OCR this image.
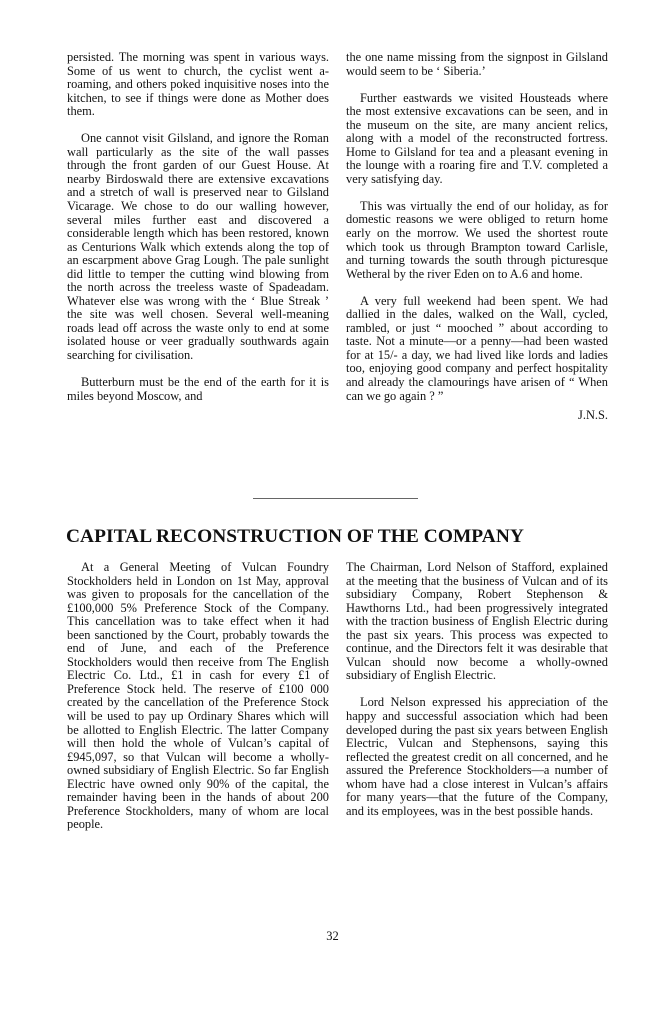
persisted. The morning was spent in various ways. Some of us went to church, the cyclist went a-roaming, and others poked inquisitive noses into the kitchen, to see if things were done as Mother does them.

One cannot visit Gilsland, and ignore the Roman wall particularly as the site of the wall passes through the front garden of our Guest House. At nearby Birdoswald there are extensive excavations and a stretch of wall is preserved near to Gilsland Vicarage. We chose to do our walling however, several miles further east and discovered a considerable length which has been restored, known as Centurions Walk which extends along the top of an escarpment above Grag Lough. The pale sunlight did little to temper the cutting wind blowing from the north across the treeless waste of Spadeadam. Whatever else was wrong with the ‘ Blue Streak ’ the site was well chosen. Several well-meaning roads lead off across the waste only to end at some isolated house or veer gradually southwards again searching for civilisation.

Butterburn must be the end of the earth for it is miles beyond Moscow, and

the one name missing from the signpost in Gilsland would seem to be ‘ Siberia.’

Further eastwards we visited Housteads where the most extensive excavations can be seen, and in the museum on the site, are many ancient relics, along with a model of the reconstructed fortress. Home to Gilsland for tea and a pleasant evening in the lounge with a roaring fire and T.V. completed a very satisfying day.

This was virtually the end of our holiday, as for domestic reasons we were obliged to return home early on the morrow. We used the shortest route which took us through Brampton toward Carlisle, and turning towards the south through picturesque Wetheral by the river Eden on to A.6 and home.

A very full weekend had been spent. We had dallied in the dales, walked on the Wall, cycled, rambled, or just “ mooched ” about according to taste. Not a minute—or a penny—had been wasted for at 15/- a day, we had lived like lords and ladies too, enjoying good company and perfect hospitality and already the clamourings have arisen of “ When can we go again ? ”

J.N.S.
CAPITAL RECONSTRUCTION OF THE COMPANY

At a General Meeting of Vulcan Foundry Stockholders held in London on 1st May, approval was given to proposals for the cancellation of the £100,000 5% Preference Stock of the Company. This cancellation was to take effect when it had been sanctioned by the Court, probably towards the end of June, and each of the Preference Stockholders would then receive from The English Electric Co. Ltd., £1 in cash for every £1 of Preference Stock held. The reserve of £100 000 created by the cancellation of the Preference Stock will be used to pay up Ordinary Shares which will be allotted to English Electric. The latter Company will then hold the whole of Vulcan’s capital of £945,097, so that Vulcan will become a wholly-owned subsidiary of English Electric. So far English Electric have owned only 90% of the capital, the remainder having been in the hands of about 200 Preference Stockholders, many of whom are local people.

The Chairman, Lord Nelson of Stafford, explained at the meeting that the business of Vulcan and of its subsidiary Company, Robert Stephenson & Hawthorns Ltd., had been progressively integrated with the traction business of English Electric during the past six years. This process was expected to continue, and the Directors felt it was desirable that Vulcan should now become a wholly-owned subsidiary of English Electric.

Lord Nelson expressed his appreciation of the happy and successful association which had been developed during the past six years between English Electric, Vulcan and Stephensons, saying this reflected the greatest credit on all concerned, and he assured the Preference Stockholders—a number of whom have had a close interest in Vulcan’s affairs for many years—that the future of the Company, and its employees, was in the best possible hands.

32
